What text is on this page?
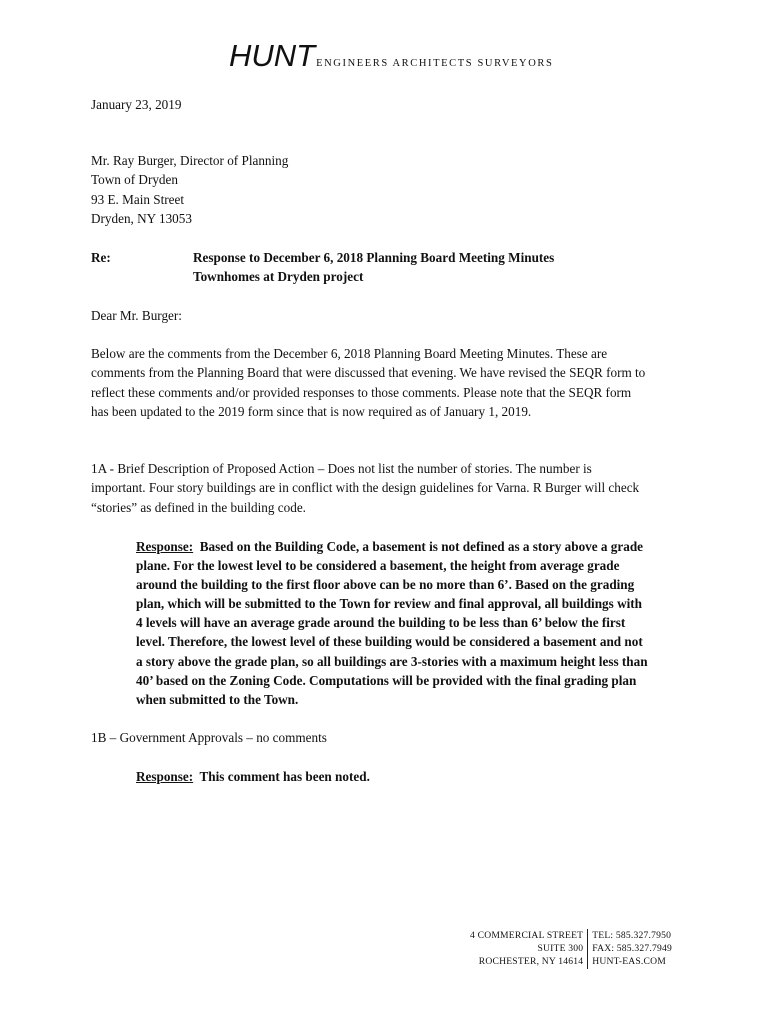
HUNT ENGINEERS ARCHITECTS SURVEYORS
January 23, 2019
Mr. Ray Burger, Director of Planning
Town of Dryden
93 E. Main Street
Dryden, NY 13053
Re:	Response to December 6, 2018 Planning Board Meeting Minutes
Townhomes at Dryden project
Dear Mr. Burger:
Below are the comments from the December 6, 2018 Planning Board Meeting Minutes. These are
comments from the Planning Board that were discussed that evening. We have revised the SEQR form to
reflect these comments and/or provided responses to those comments. Please note that the SEQR form
has been updated to the 2019 form since that is now required as of January 1, 2019.
1A - Brief Description of Proposed Action – Does not list the number of stories. The number is
important. Four story buildings are in conflict with the design guidelines for Varna. R Burger will check
“stories” as defined in the building code.
Response:  Based on the Building Code, a basement is not defined as a story above a grade
plane. For the lowest level to be considered a basement, the height from average grade
around the building to the first floor above can be no more than 6’. Based on the grading
plan, which will be submitted to the Town for review and final approval, all buildings with
4 levels will have an average grade around the building to be less than 6’ below the first
level. Therefore, the lowest level of these building would be considered a basement and not
a story above the grade plan, so all buildings are 3-stories with a maximum height less than
40’ based on the Zoning Code. Computations will be provided with the final grading plan
when submitted to the Town.
1B – Government Approvals – no comments
Response:  This comment has been noted.
4 COMMERCIAL STREET
SUITE 300
ROCHESTER, NY 14614
TEL: 585.327.7950
FAX: 585.327.7949
HUNT-EAS.COM
